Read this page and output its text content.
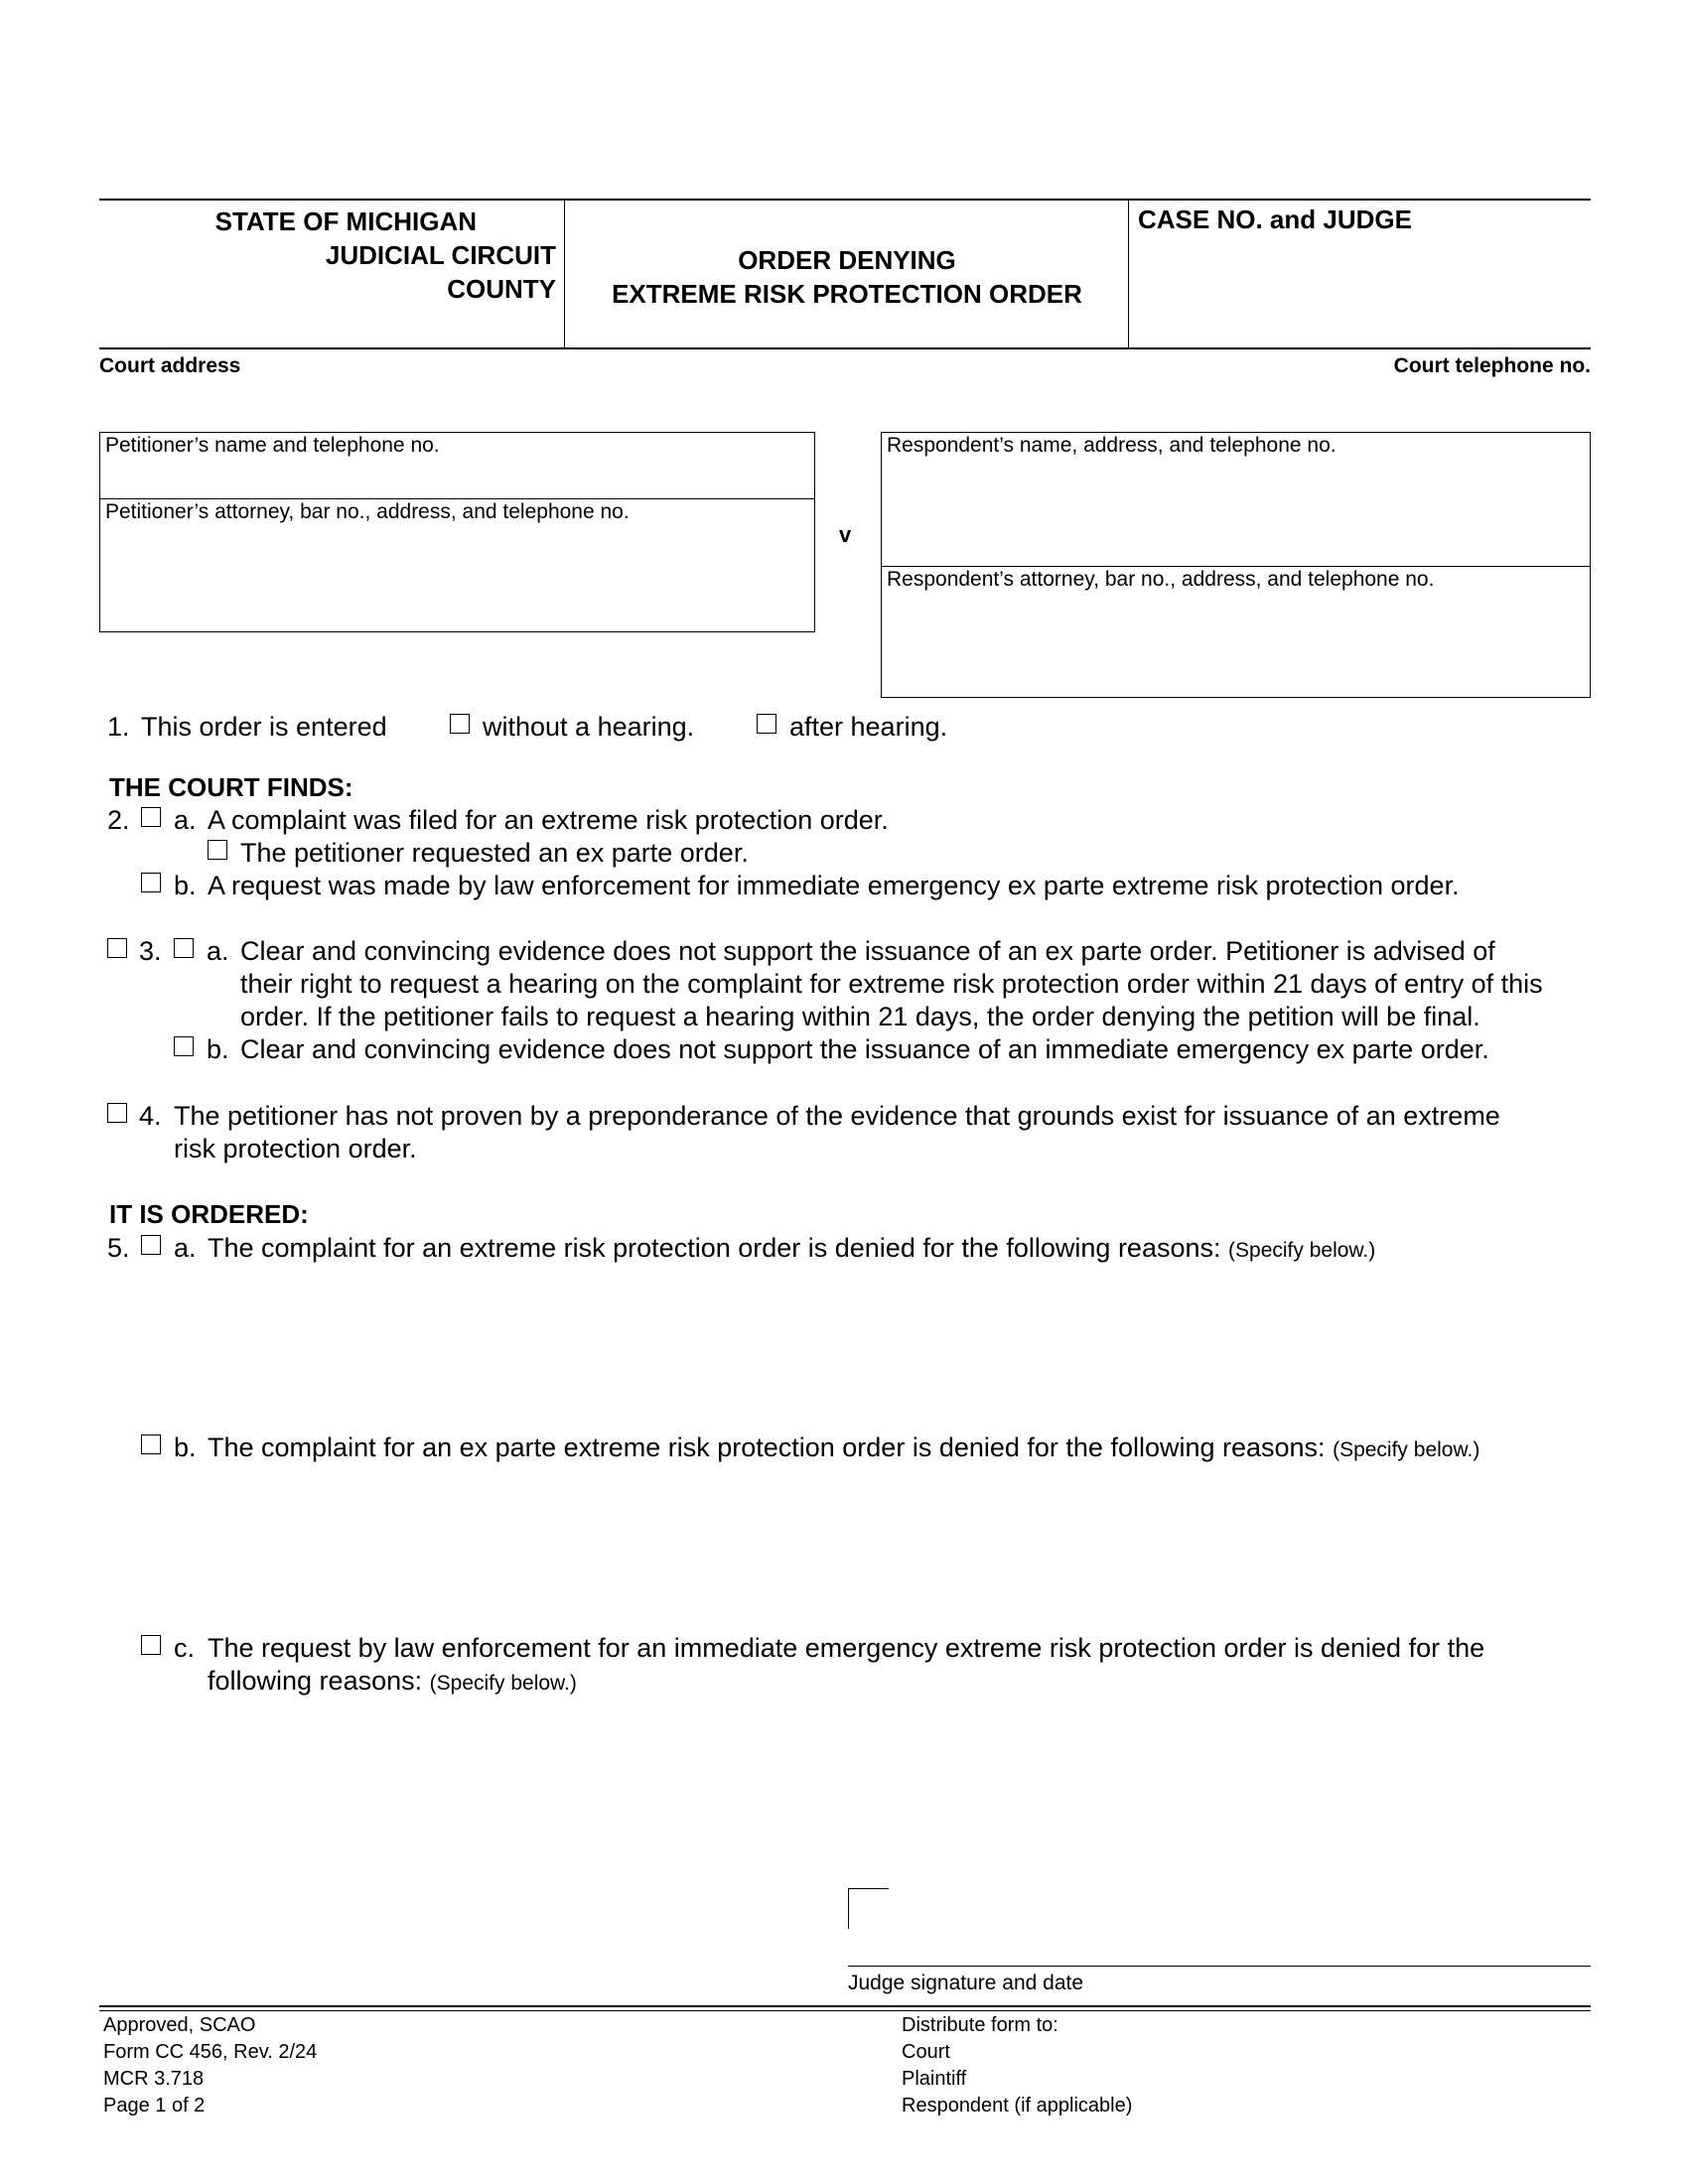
STATE OF MICHIGAN
JUDICIAL CIRCUIT
COUNTY
ORDER DENYING
EXTREME RISK PROTECTION ORDER
CASE NO. and JUDGE
Court address	Court telephone no.
Petitioner’s name and telephone no.
Petitioner’s attorney, bar no., address, and telephone no.
v
Respondent’s name, address, and telephone no.
Respondent’s attorney, bar no., address, and telephone no.
1. This order is entered	without a hearing.	after hearing.
THE COURT FINDS:
2. a. A complaint was filed for an extreme risk protection order.
The petitioner requested an ex parte order.
b. A request was made by law enforcement for immediate emergency ex parte extreme risk protection order.
3. a. Clear and convincing evidence does not support the issuance of an ex parte order. Petitioner is advised of
their right to request a hearing on the complaint for extreme risk protection order within 21 days of entry of this
order. If the petitioner fails to request a hearing within 21 days, the order denying the petition will be final.
b. Clear and convincing evidence does not support the issuance of an immediate emergency ex parte order.
4. The petitioner has not proven by a preponderance of the evidence that grounds exist for issuance of an extreme
risk protection order.
IT IS ORDERED:
5. a. The complaint for an extreme risk protection order is denied for the following reasons: (Specify below.)
b. The complaint for an ex parte extreme risk protection order is denied for the following reasons: (Specify below.)
c. The request by law enforcement for an immediate emergency extreme risk protection order is denied for the
following reasons: (Specify below.)
Judge signature and date
Approved, SCAO
Form CC 456, Rev. 2/24
MCR 3.718
Page 1 of 2
Distribute form to:
Court
Plaintiff
Respondent (if applicable)
